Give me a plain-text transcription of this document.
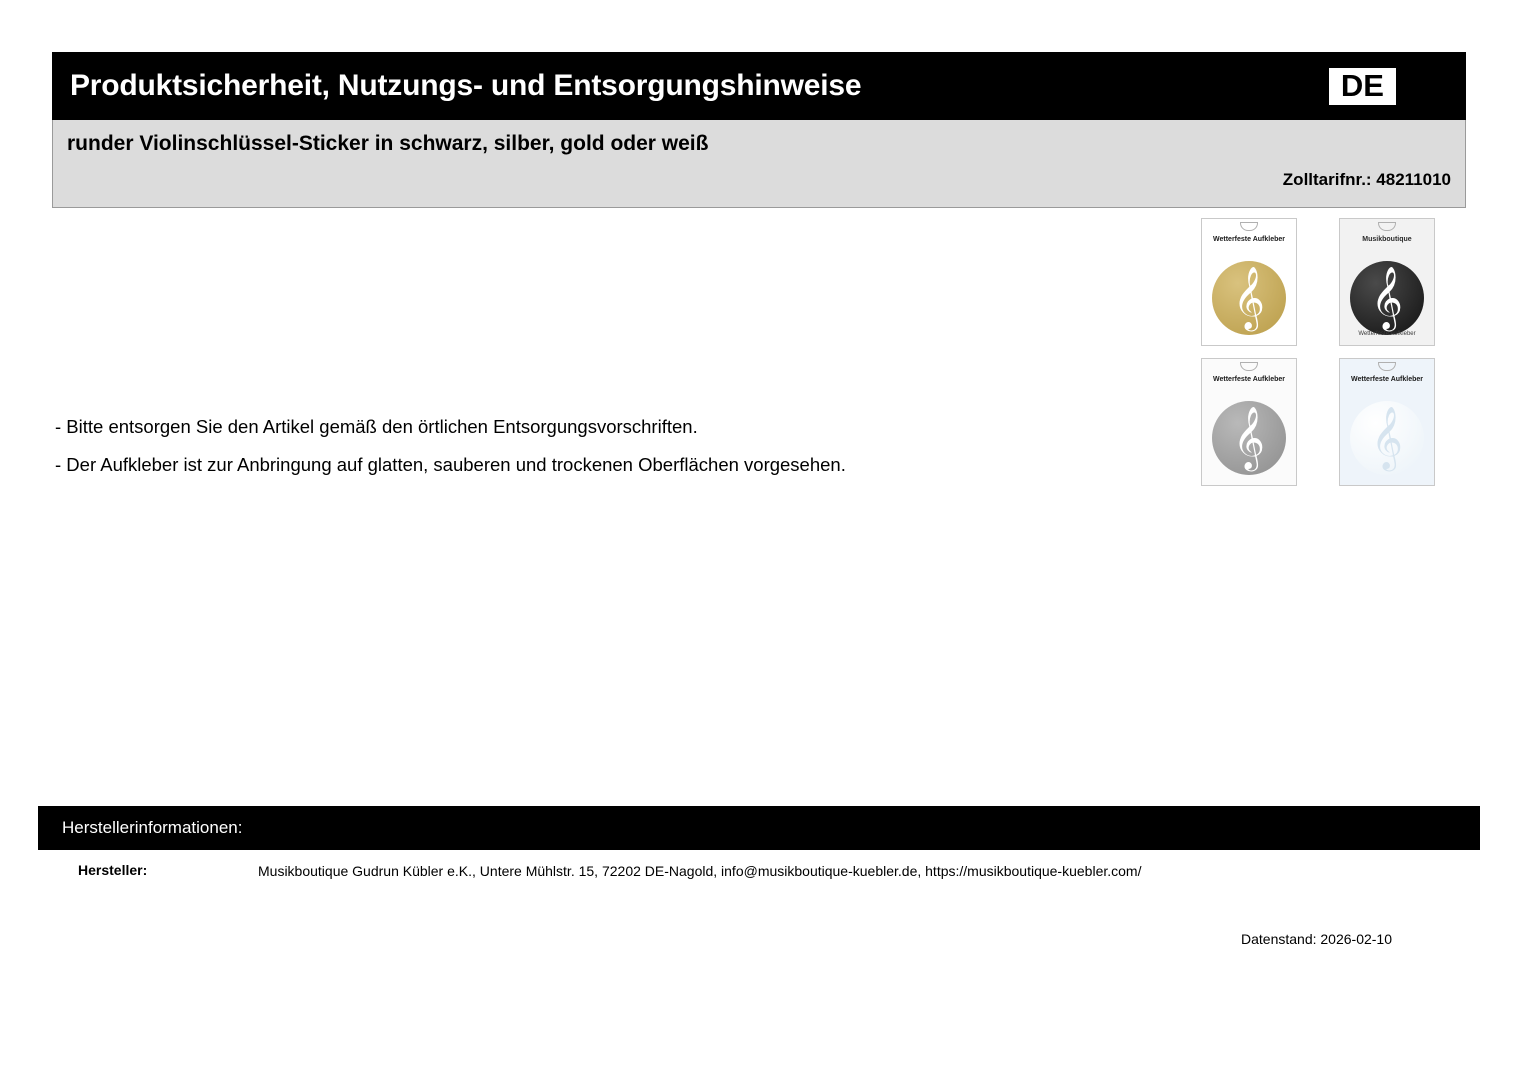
Produktsicherheit, Nutzungs- und Entsorgungshinweise	DE
runder Violinschlüssel-Sticker in schwarz, silber, gold oder weiß
Zolltarifnr.: 48211010
- Bitte entsorgen Sie den Artikel gemäß den örtlichen Entsorgungsvorschriften.
- Der Aufkleber ist zur Anbringung auf glatten, sauberen und trockenen Oberflächen vorgesehen.
Wetterfeste Aufkleber
𝄞
Musikboutique
𝄞
Wetterfeste Aufkleber
Wetterfeste Aufkleber
𝄞
Wetterfeste Aufkleber
𝄞
Herstellerinformationen:
Hersteller:	Musikboutique Gudrun Kübler e.K., Untere Mühlstr. 15, 72202 DE-Nagold, info@musikboutique-kuebler.de, https://musikboutique-kuebler.com/
Datenstand: 2026-02-10
